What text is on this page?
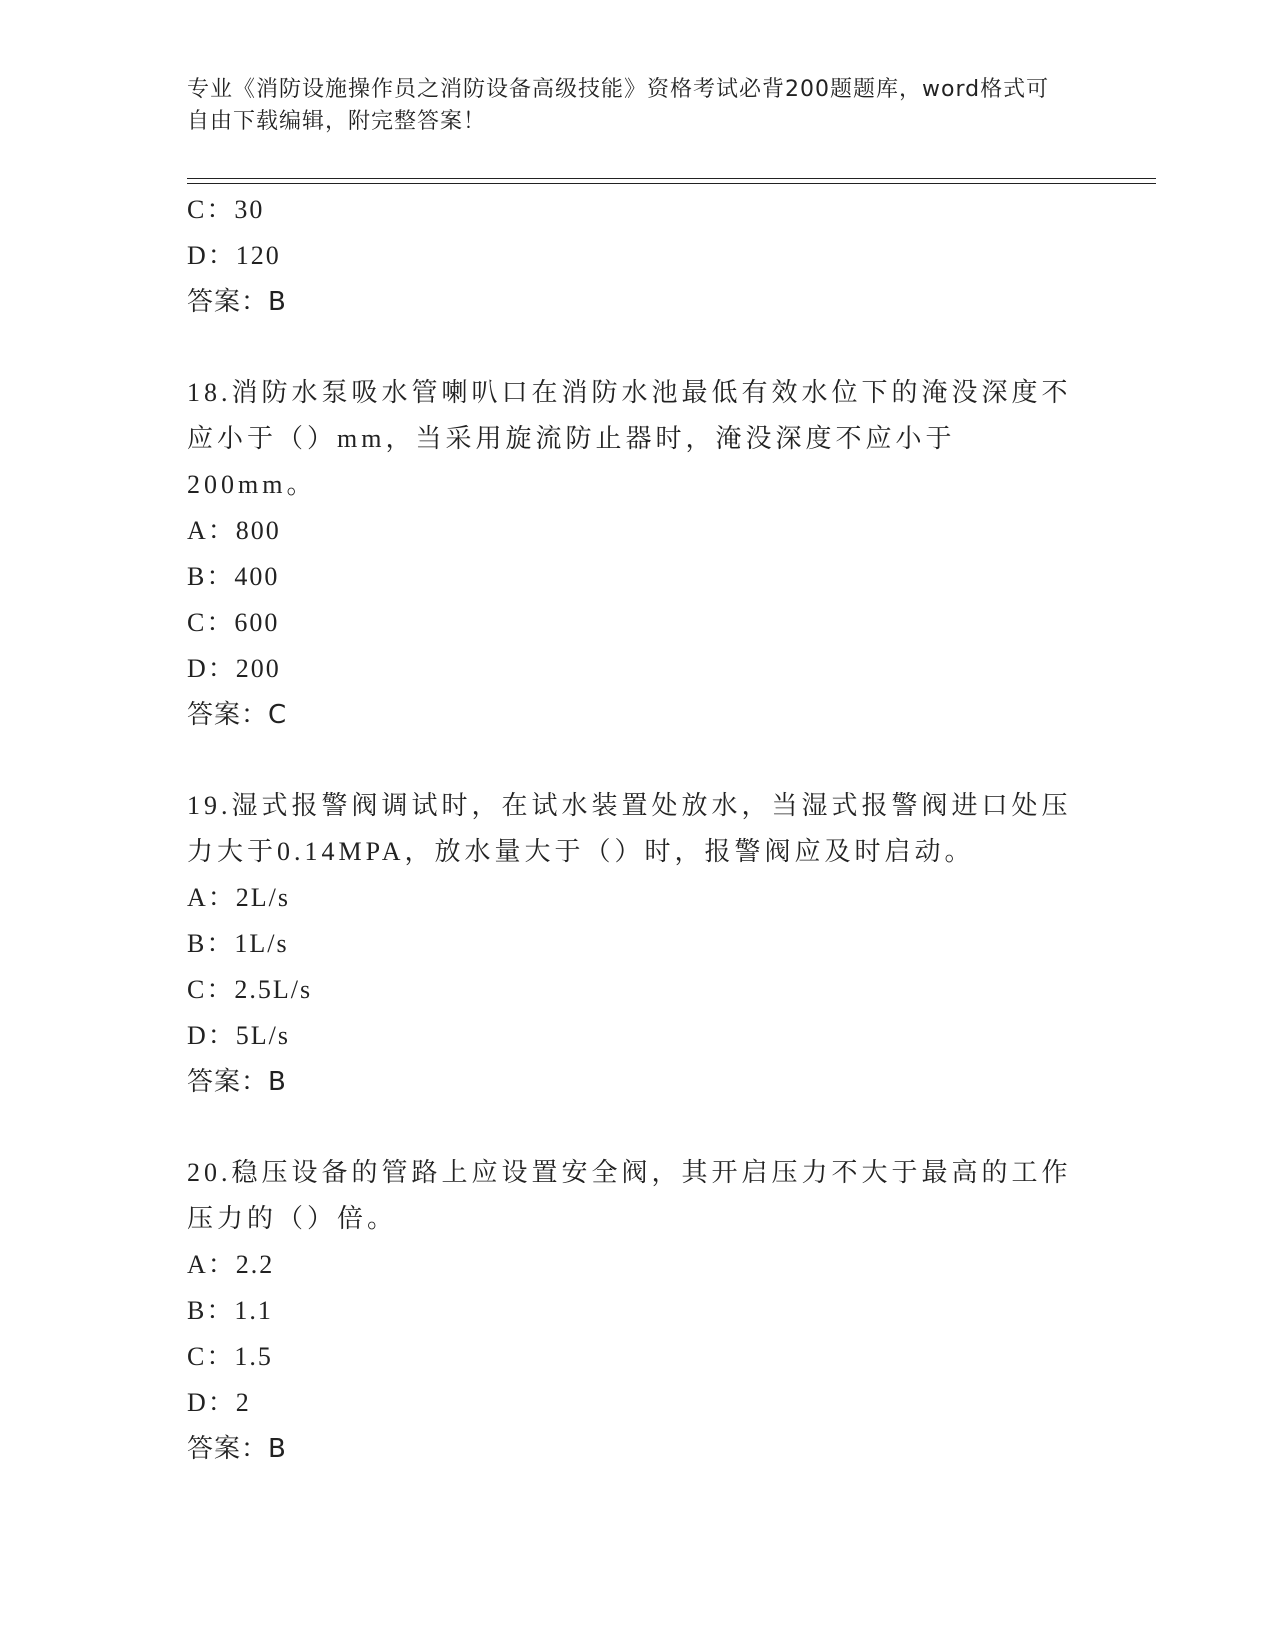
专业《消防设施操作员之消防设备高级技能》资格考试必背200题题库，word格式可自由下载编辑，附完整答案！
C：30
D：120
答案：B
18.消防水泵吸水管喇叭口在消防水池最低有效水位下的淹没深度不应小于（）mm，当采用旋流防止器时，淹没深度不应小于200mm。
A：800
B：400
C：600
D：200
答案：C
19.湿式报警阀调试时，在试水装置处放水，当湿式报警阀进口处压力大于0.14MPA，放水量大于（）时，报警阀应及时启动。
A：2L/s
B：1L/s
C：2.5L/s
D：5L/s
答案：B
20.稳压设备的管路上应设置安全阀，其开启压力不大于最高的工作压力的（）倍。
A：2.2
B：1.1
C：1.5
D：2
答案：B
